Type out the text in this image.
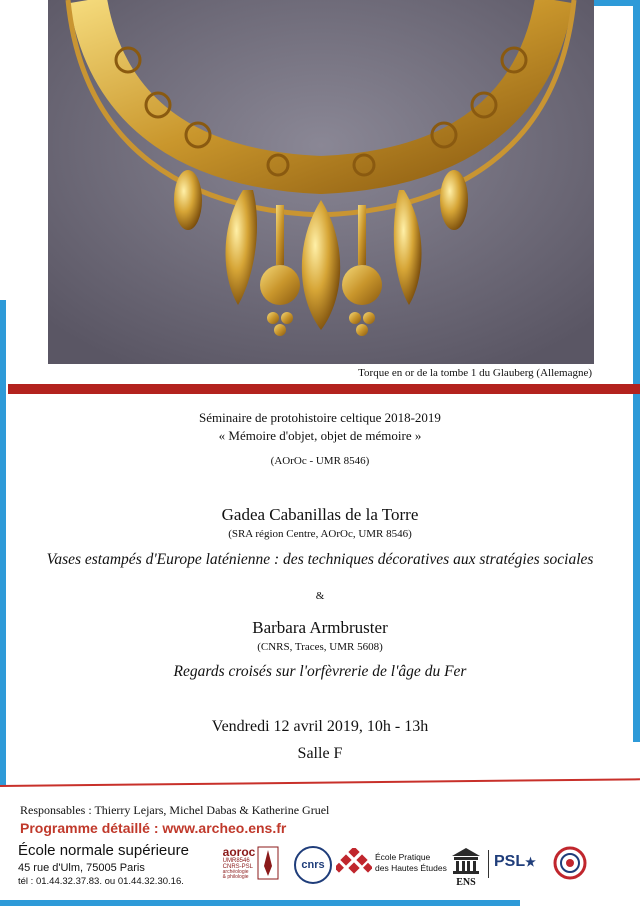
Torque en or de la tombe 1 du Glauberg (Allemagne)
Séminaire de protohistoire celtique 2018-2019
« Mémoire d'objet, objet de mémoire »
(AOrOc - UMR 8546)
Gadea Cabanillas de la Torre
(SRA région Centre, AOrOc, UMR 8546)
Vases estampés d'Europe laténienne : des techniques décoratives aux stratégies sociales
&
Barbara Armbruster
(CNRS, Traces, UMR 5608)
Regards croisés sur l'orfèvrerie de l'âge du Fer
Vendredi 12 avril 2019, 10h - 13h
Salle F
Responsables : Thierry Lejars, Michel Dabas & Katherine Gruel
Programme détaillé : www.archeo.ens.fr
École normale supérieure
45 rue d'Ulm, 75005 Paris
tél : 01.44.32.37.83. ou 01.44.32.30.16.
aoroc
UMR8546
CNRS-PSL
archéologie
& philologie
cnrs
École Pratique
des Hautes Études
ENS
PSL★
